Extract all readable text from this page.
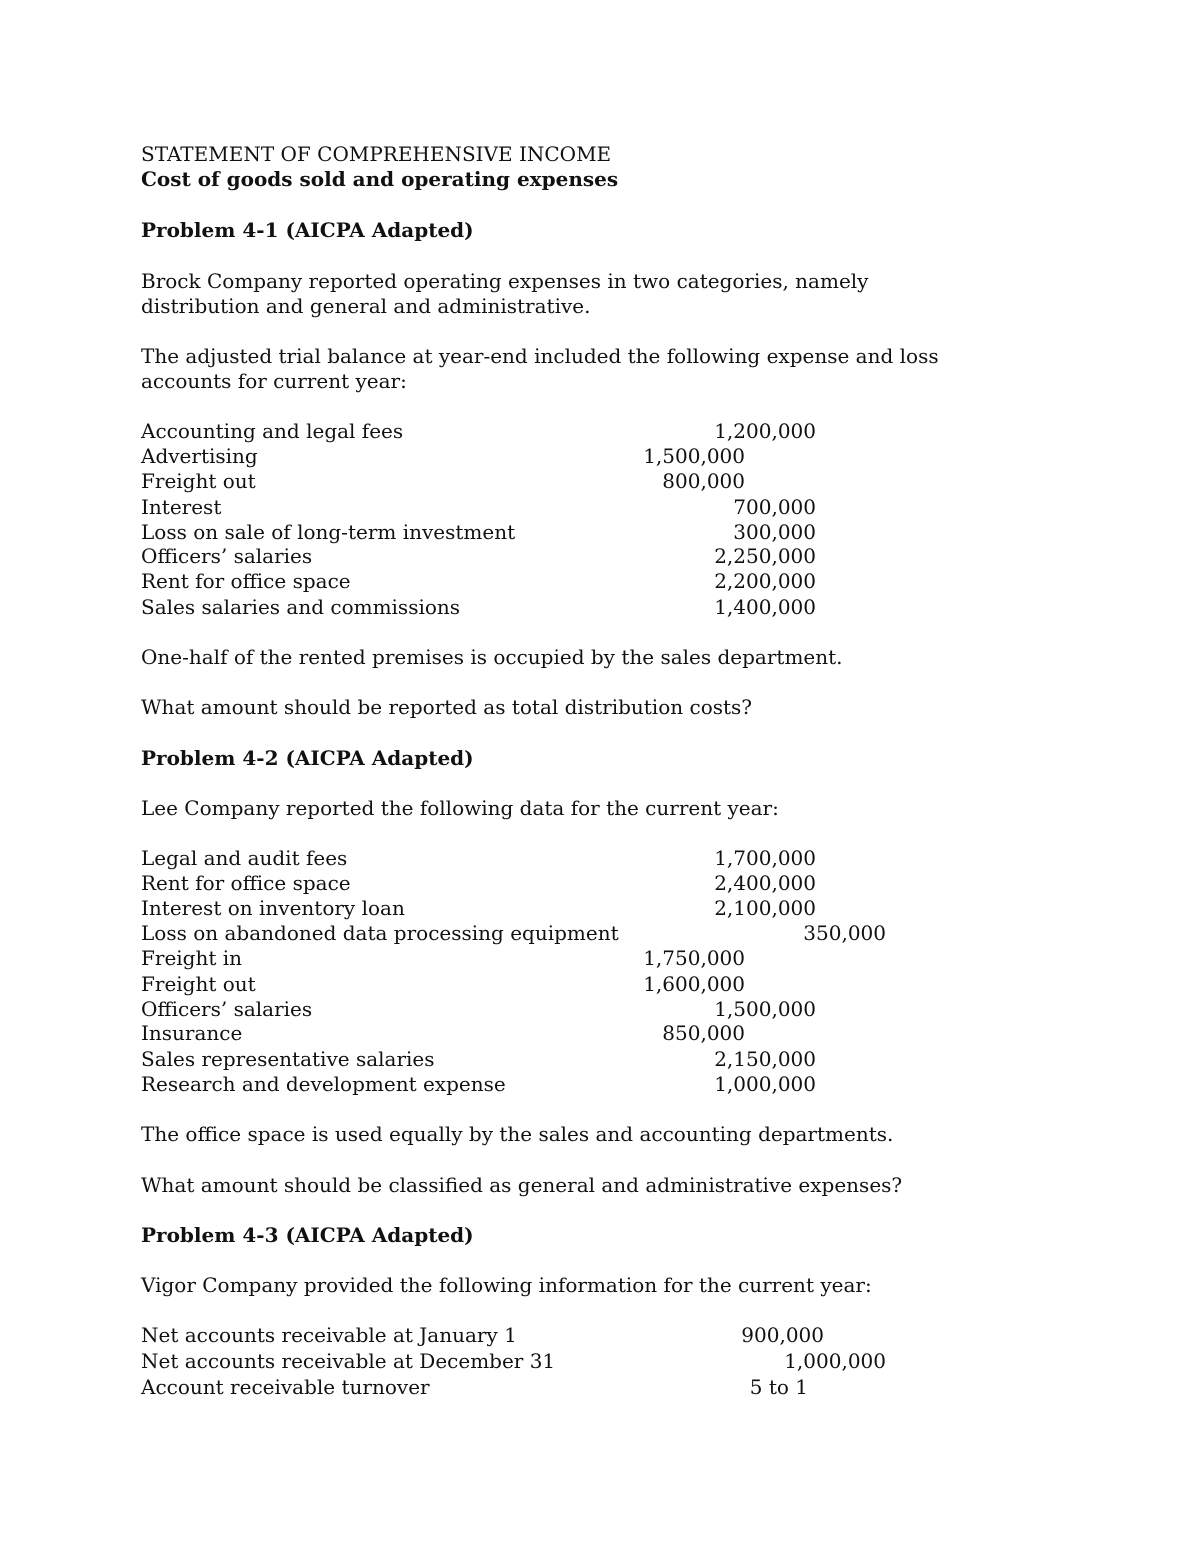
STATEMENT OF COMPREHENSIVE INCOME

Cost of goods sold and operating expenses

Problem 4-1 (AICPA Adapted)

Brock Company reported operating expenses in two categories, namely

distribution and general and administrative.

The adjusted trial balance at year-end included the following expense and loss

accounts for current year:

Accounting and legal fees	1,200,000

Advertising	1,500,000

Freight out	800,000

Interest	700,000

Loss on sale of long-term investment	300,000

Officers’ salaries	2,250,000

Rent for office space	2,200,000

Sales salaries and commissions	1,400,000

One-half of the rented premises is occupied by the sales department.

What amount should be reported as total distribution costs?

Problem 4-2 (AICPA Adapted)

Lee Company reported the following data for the current year:

Legal and audit fees	1,700,000

Rent for office space	2,400,000

Interest on inventory loan	2,100,000

Loss on abandoned data processing equipment	350,000

Freight in	1,750,000

Freight out	1,600,000

Officers’ salaries	1,500,000

Insurance	850,000

Sales representative salaries	2,150,000

Research and development expense	1,000,000

The office space is used equally by the sales and accounting departments.

What amount should be classified as general and administrative expenses?

Problem 4-3 (AICPA Adapted)

Vigor Company provided the following information for the current year:

Net accounts receivable at January 1	900,000

Net accounts receivable at December 31	1,000,000

Account receivable turnover	5 to 1
